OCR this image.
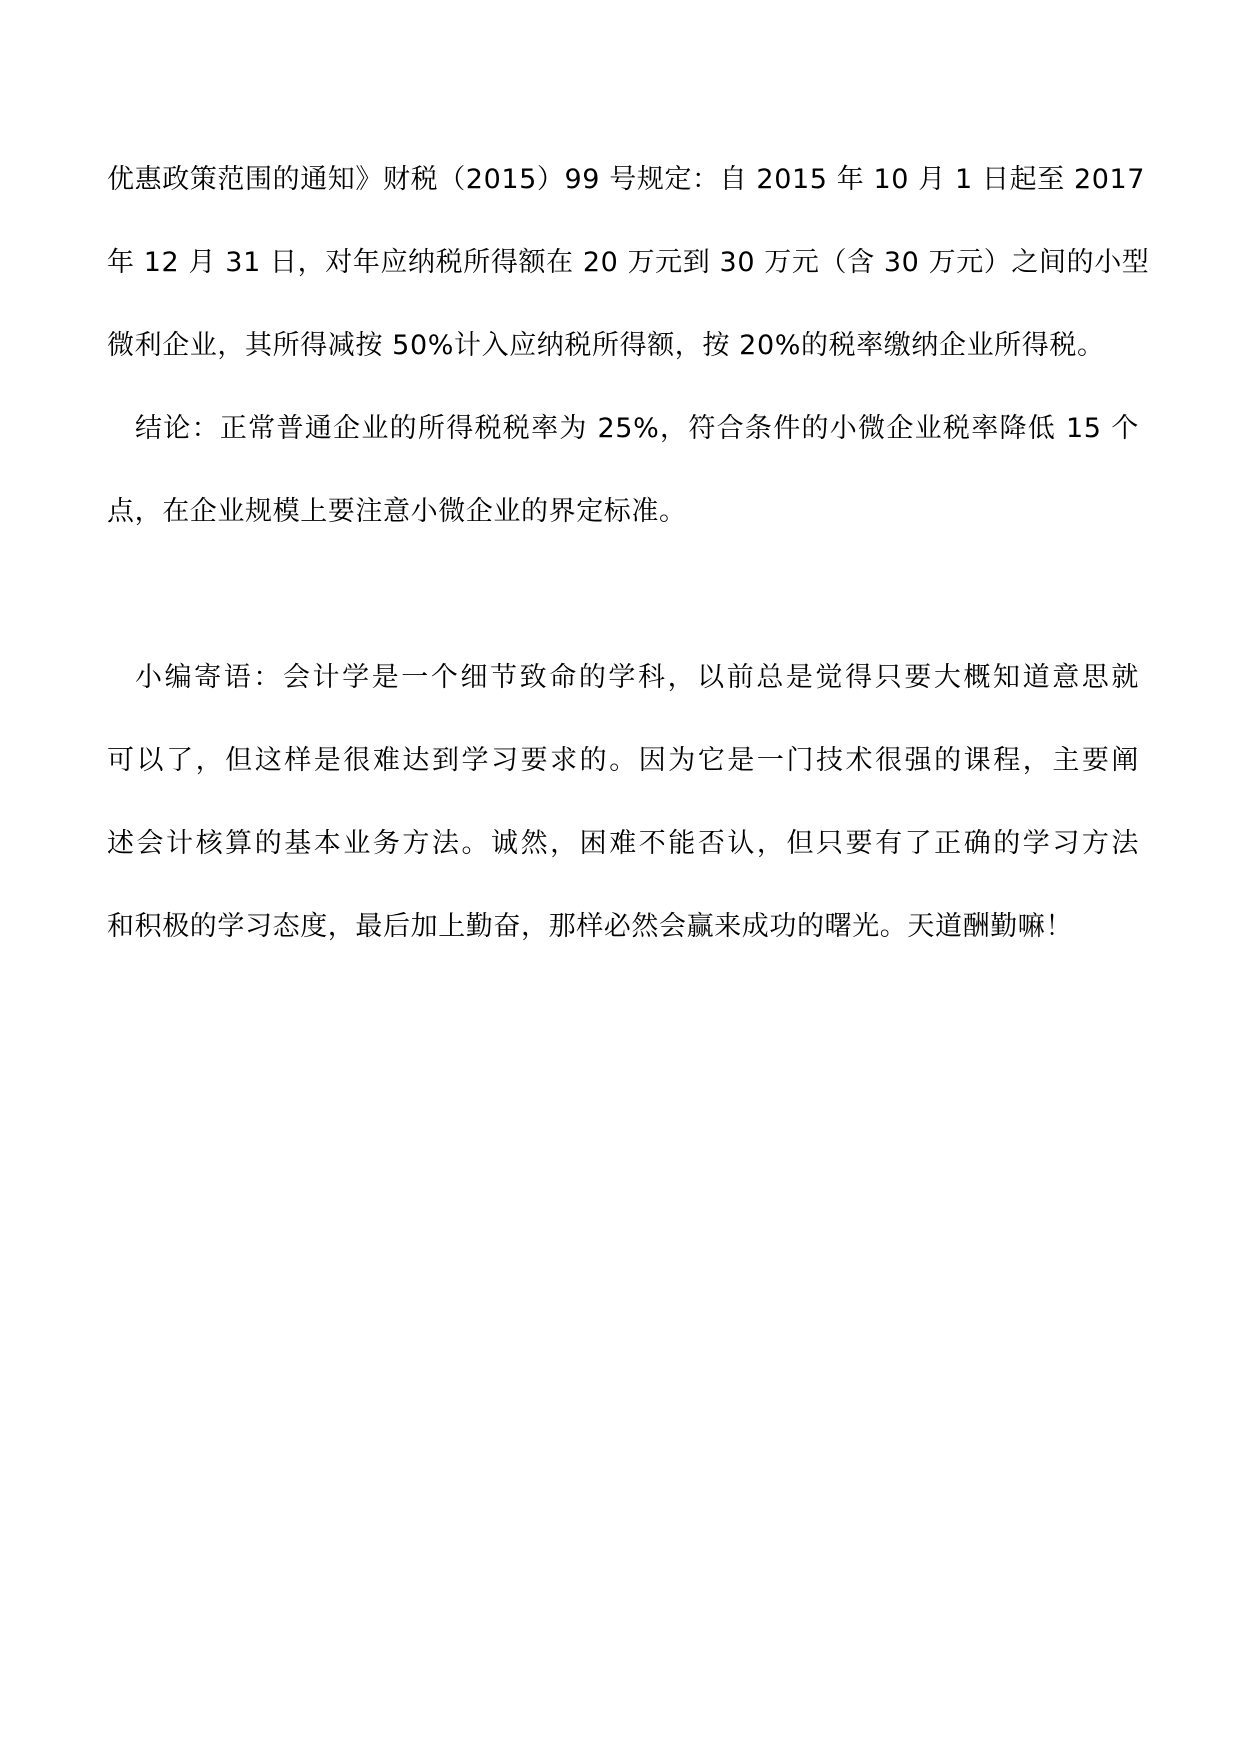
优惠政策范围的通知》财税（2015）99 号规定：自 2015 年 10 月 1 日起至 2017
年 12 月 31 日，对年应纳税所得额在 20 万元到 30 万元（含 30 万元）之间的小型
微利企业，其所得减按 50%计入应纳税所得额，按 20%的税率缴纳企业所得税。
结论：正常普通企业的所得税税率为 25%，符合条件的小微企业税率降低 15 个
点，在企业规模上要注意小微企业的界定标准。
小编寄语：会计学是一个细节致命的学科，以前总是觉得只要大概知道意思就
可以了，但这样是很难达到学习要求的。因为它是一门技术很强的课程，主要阐
述会计核算的基本业务方法。诚然，困难不能否认，但只要有了正确的学习方法
和积极的学习态度，最后加上勤奋，那样必然会赢来成功的曙光。天道酬勤嘛！
